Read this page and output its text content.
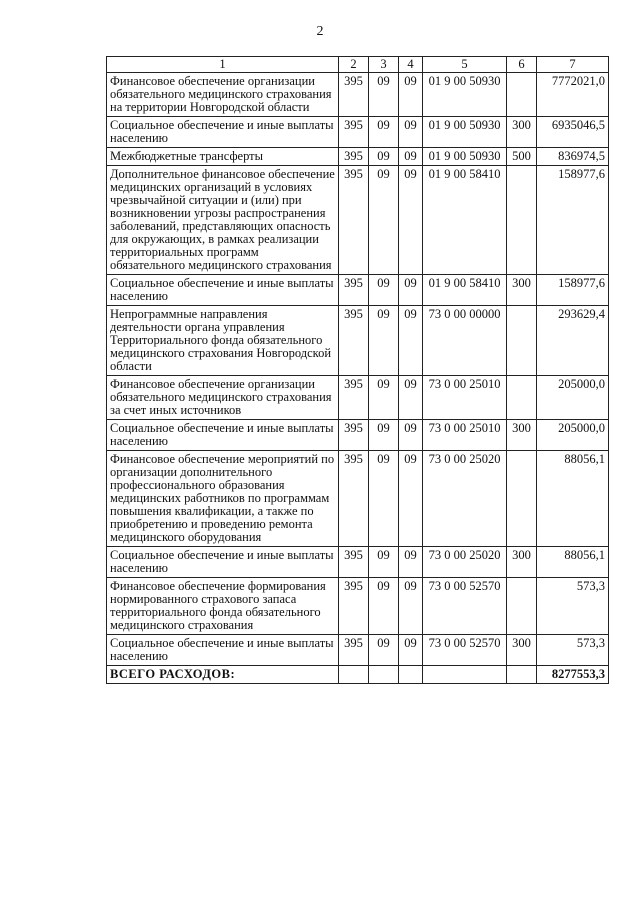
2
1	2	3	4	5	6	7
Финансовое обеспечение организации обязательного медицинского страхования на территории Новгородской области	395	09	09	01 9 00 50930		7772021,0
Социальное обеспечение и иные выплаты населению	395	09	09	01 9 00 50930	300	6935046,5
Межбюджетные трансферты	395	09	09	01 9 00 50930	500	836974,5
Дополнительное финансовое обеспечение медицинских организаций в условиях чрезвычайной ситуации и (или) при возникновении угрозы распространения заболеваний, представляющих опасность для окружающих, в рамках реализации территориальных программ обязательного медицинского страхования	395	09	09	01 9 00 58410		158977,6
Социальное обеспечение и иные выплаты населению	395	09	09	01 9 00 58410	300	158977,6
Непрограммные направления деятельности органа управления Территориального фонда обязательного медицинского страхования Новгородской области	395	09	09	73 0 00 00000		293629,4
Финансовое обеспечение организации обязательного медицинского страхования за счет иных источников	395	09	09	73 0 00 25010		205000,0
Социальное обеспечение и иные выплаты населению	395	09	09	73 0 00 25010	300	205000,0
Финансовое обеспечение мероприятий по организации дополнительного профессионального образования медицинских работников по программам повышения квалификации, а также по приобретению и проведению ремонта медицинского оборудования	395	09	09	73 0 00 25020		88056,1
Социальное обеспечение и иные выплаты населению	395	09	09	73 0 00 25020	300	88056,1
Финансовое обеспечение формирования нормированного страхового запаса территориального фонда обязательного медицинского страхования	395	09	09	73 0 00 52570		573,3
Социальное обеспечение и иные выплаты населению	395	09	09	73 0 00 52570	300	573,3
ВСЕГО РАСХОДОВ:						8277553,3
